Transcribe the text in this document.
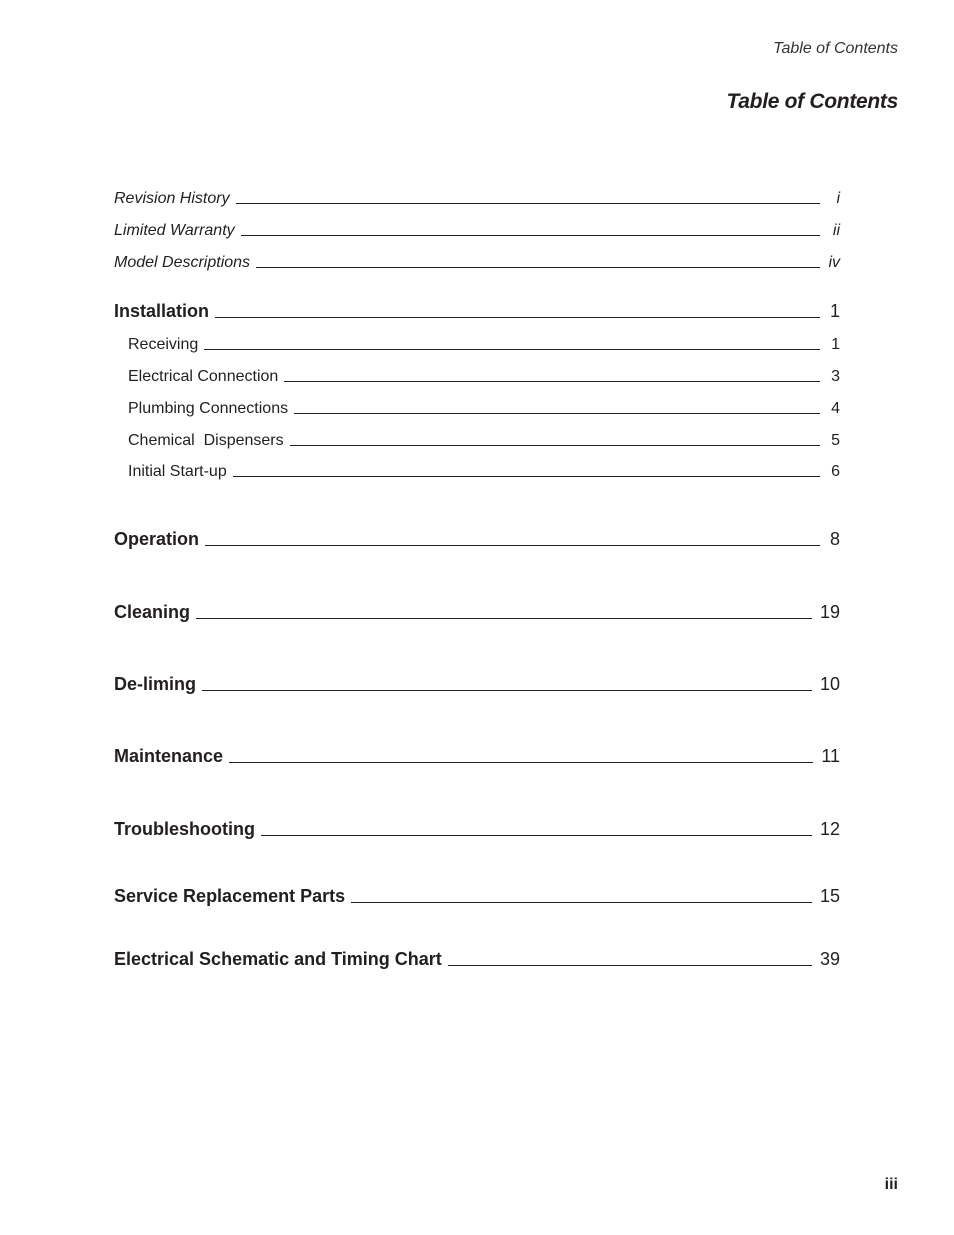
Table of Contents
Table of Contents
Revision History	i
Limited Warranty	ii
Model Descriptions	iv
Installation	1
Receiving	1
Electrical Connection	3
Plumbing Connections	4
Chemical  Dispensers	5
Initial Start-up	6
Operation	8
Cleaning	19
De-liming	10
Maintenance	11
Troubleshooting	12
Service Replacement Parts	15
Electrical Schematic and Timing Chart	39
iii
